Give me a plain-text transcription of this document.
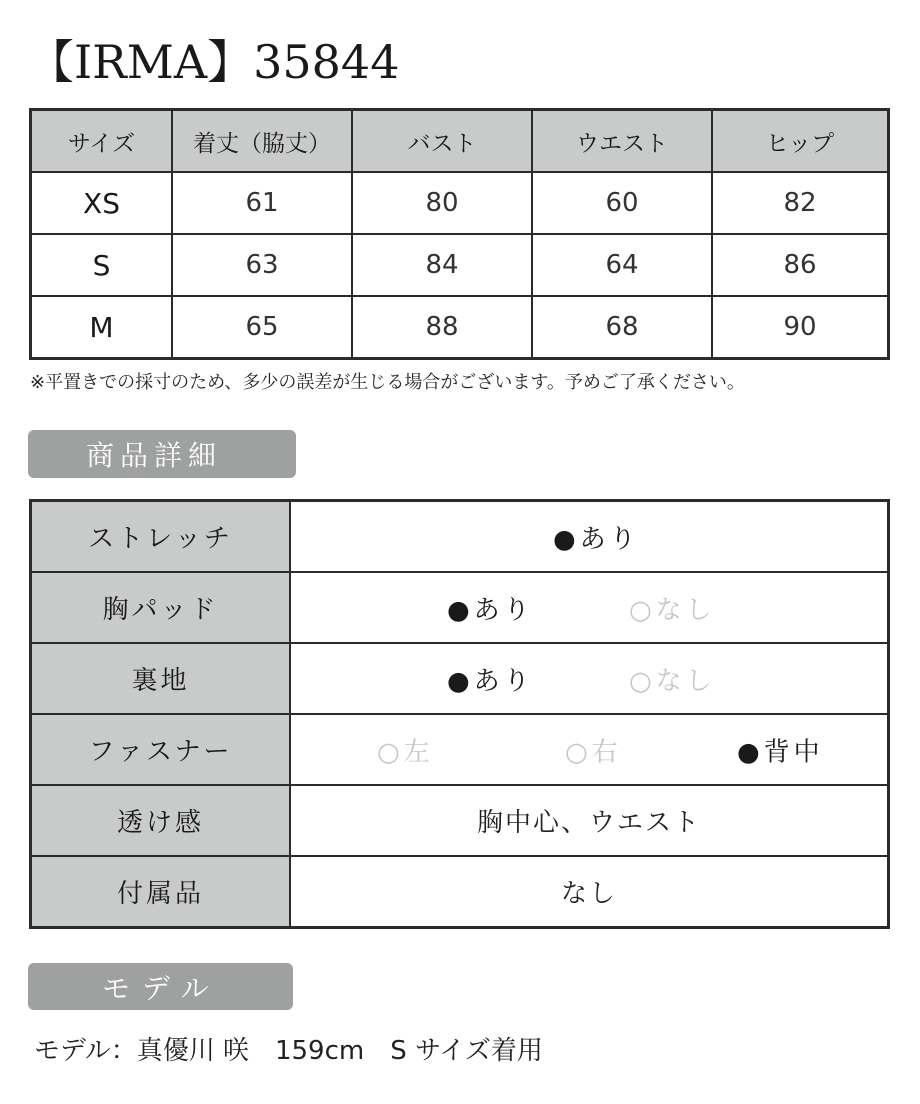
【IRMA】35844
サイズ	着丈（脇丈）	バスト	ウエスト	ヒップ
XS	61	80	60	82
S	63	84	64	86
M	65	88	68	90
※平置きでの採寸のため、多少の誤差が生じる場合がございます。予めご了承ください。
商品詳細
ストレッチ	●あり

胸パッド	●あり ○なし

裏地	●あり ○なし

ファスナー	○左 ○右 ●背中

透け感	胸中心、ウエスト
付属品	なし
モデル
モデル：真優川 咲　159cm　S サイズ着用
